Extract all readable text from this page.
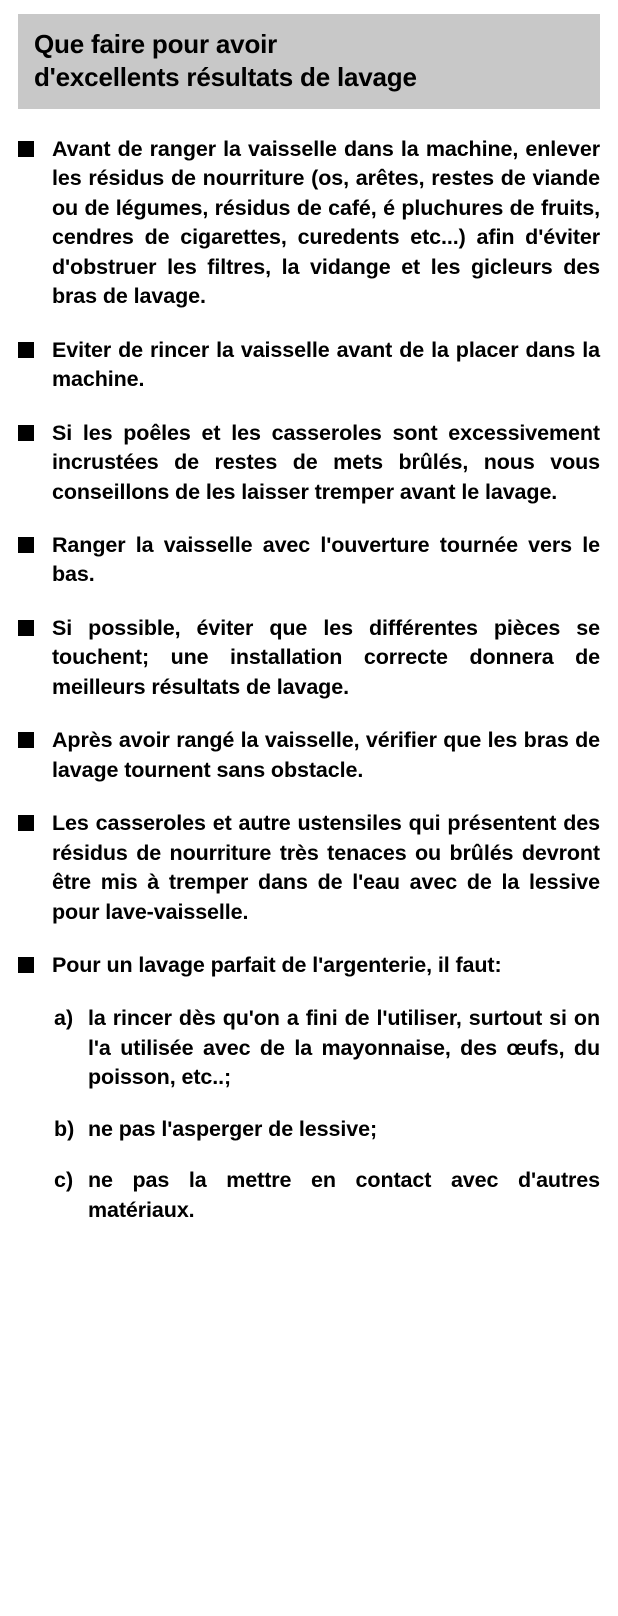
Que faire pour avoir
d'excellents résultats de lavage
Avant de ranger la vaisselle dans la machine, enlever les résidus de nourriture (os, arêtes, restes de viande ou de légumes, résidus de café, é pluchures de fruits, cendres de cigarettes, curedents etc...) afin d'éviter d'obstruer les filtres, la vidange et les gicleurs des bras de lavage.
Eviter de rincer la vaisselle avant de la placer dans la machine.
Si les poêles et les casseroles sont excessivement incrustées de restes de mets brûlés, nous vous conseillons de les laisser tremper avant le lavage.
Ranger la vaisselle avec l'ouverture tournée vers le bas.
Si possible, éviter que les différentes pièces se touchent; une installation correcte donnera de meilleurs résultats de lavage.
Après avoir rangé la vaisselle, vérifier que les bras de lavage tournent sans obstacle.
Les casseroles et autre ustensiles qui présentent des résidus de nourriture très tenaces ou brûlés devront être mis à tremper dans de l'eau avec de la lessive pour lave-vaisselle.
Pour un lavage parfait de l'argenterie, il faut:
a) la rincer dès qu'on a fini de l'utiliser, surtout si on l'a utilisée avec de la mayonnaise, des œufs, du poisson, etc..;
b) ne pas l'asperger de lessive;
c) ne pas la mettre en contact avec d'autres matériaux.
